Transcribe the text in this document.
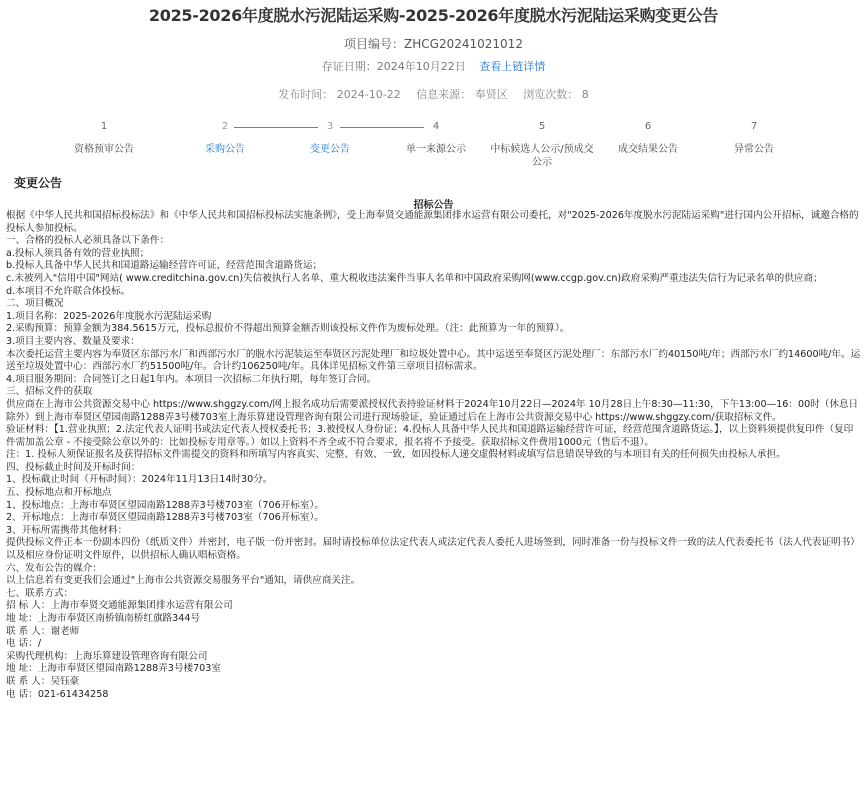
2025-2026年度脱水污泥陆运采购-2025-2026年度脱水污泥陆运采购变更公告
项目编号：ZHCG20241021012
存证日期：2024年10月22日 查看上链详情
发布时间： 2024-10-22 信息来源： 奉贤区 浏览次数： 8
1
资格预审公告
2
采购公告
3
变更公告
4
单一来源公示
5
中标候选人公示/预成交公示
6
成交结果公告
7
异常公告
变更公告
招标公告

根据《中华人民共和国招标投标法》和《中华人民共和国招标投标法实施条例》，受上海奉贤交通能源集团排水运营有限公司委托，对"2025-2026年度脱水污泥陆运采购"进行国内公开招标，诚邀合格的投标人参加投标。

一、合格的投标人必须具备以下条件：

a.投标人须具备有效的营业执照；

b.投标人具备中华人民共和国道路运输经营许可证，经营范围含道路货运；

c.未被列入"信用中国"网站( www.creditchina.gov.cn)失信被执行人名单、重大税收违法案件当事人名单和中国政府采购网(www.ccgp.gov.cn)政府采购严重违法失信行为记录名单的供应商；

d.本项目不允许联合体投标。

二、项目概况

1.项目名称：2025-2026年度脱水污泥陆运采购

2.采购预算：预算金额为384.5615万元，投标总报价不得超出预算金额否则该投标文件作为废标处理。（注：此预算为一年的预算）。

3.项目主要内容、数量及要求：

本次委托运营主要内容为奉贤区东部污水厂和西部污水厂的脱水污泥装运至奉贤区污泥处理厂和垃圾处置中心。其中运送至奉贤区污泥处理厂：东部污水厂约40150吨/年；西部污水厂约14600吨/年。运送至垃圾处置中心：西部污水厂约51500吨/年。合计约106250吨/年。具体详见招标文件第三章项目招标需求。

4.项目服务期间：合同签订之日起1年内。本项目一次招标二年执行期，每年签订合同。

三、招标文件的获取

供应商在上海市公共资源交易中心 https://www.shggzy.com/网上报名成功后需要派授权代表持验证材料于2024年10月22日—2024年 10月28日上午8:30—11:30，下午13:00—16：00时（休息日除外）到上海市奉贤区望园南路1288弄3号楼703室上海乐算建设管理咨询有限公司进行现场验证，验证通过后在上海市公共资源交易中心 https://www.shggzy.com/获取招标文件。

验证材料：【1.营业执照；2.法定代表人证明书或法定代表人授权委托书；3.被授权人身份证；4.投标人具备中华人民共和国道路运输经营许可证，经营范围含道路货运。】，以上资料须提供复印件（复印件需加盖公章 - 不接受除公章以外的：比如投标专用章等。）如以上资料不齐全或不符合要求，报名将不予接受。获取招标文件费用1000元（售后不退）。

注：1. 投标人须保证报名及获得招标文件需提交的资料和所填写内容真实、完整、有效、一致，如因投标人递交虚假材料或填写信息错误导致的与本项目有关的任何损失由投标人承担。

四、投标截止时间及开标时间：

1、投标截止时间（开标时间）：2024年11月13日14时30分。

五、投标地点和开标地点

1、投标地点：上海市奉贤区望园南路1288弄3号楼703室（706开标室）。

2、开标地点：上海市奉贤区望园南路1288弄3号楼703室（706开标室）。

3、开标所需携带其他材料：

提供投标文件正本一份副本四份（纸质文件）并密封，电子版一份并密封。届时请投标单位法定代表人或法定代表人委托人进场签到，同时准备一份与投标文件一致的法人代表委托书（法人代表证明书）以及相应身份证明文件原件，以供招标人确认唱标资格。

六、发布公告的媒介：

以上信息若有变更我们会通过"上海市公共资源交易服务平台"通知，请供应商关注。

七、联系方式：

招 标 人：上海市奉贤交通能源集团排水运营有限公司

地 址：上海市奉贤区南桥镇南桥红旗路344号

联 系 人：谢老师

电 话：/

采购代理机构：上海乐算建设管理咨询有限公司

地 址：上海市奉贤区望园南路1288弄3号楼703室

联 系 人：吴钰豪

电 话：021-61434258
